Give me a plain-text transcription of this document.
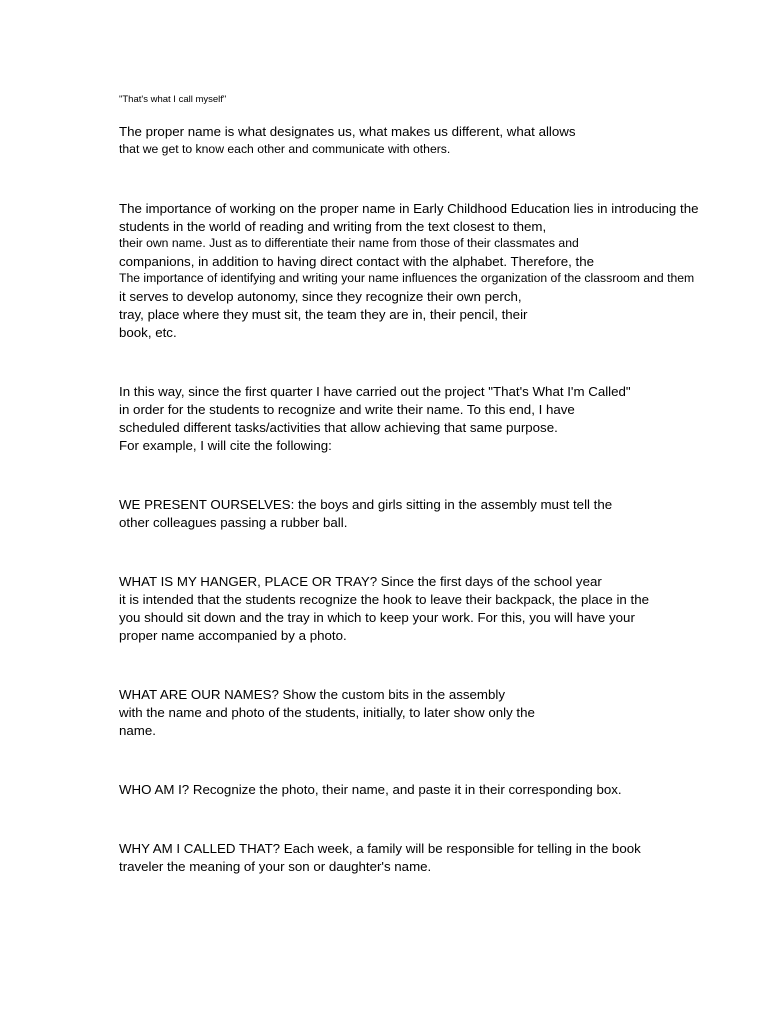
"That's what I call myself"
The proper name is what designates us, what makes us different, what allows
that we get to know each other and communicate with others.
The importance of working on the proper name in Early Childhood Education lies in introducing the
students in the world of reading and writing from the text closest to them,
their own name. Just as to differentiate their name from those of their classmates and
companions, in addition to having direct contact with the alphabet. Therefore, the
The importance of identifying and writing your name influences the organization of the classroom and them
it serves to develop autonomy, since they recognize their own perch,
tray, place where they must sit, the team they are in, their pencil, their
book, etc.
In this way, since the first quarter I have carried out the project "That's What I'm Called"
in order for the students to recognize and write their name. To this end, I have
scheduled different tasks/activities that allow achieving that same purpose.
For example, I will cite the following:
WE PRESENT OURSELVES: the boys and girls sitting in the assembly must tell the
other colleagues passing a rubber ball.
WHAT IS MY HANGER, PLACE OR TRAY? Since the first days of the school year
it is intended that the students recognize the hook to leave their backpack, the place in the
you should sit down and the tray in which to keep your work. For this, you will have your
proper name accompanied by a photo.
WHAT ARE OUR NAMES? Show the custom bits in the assembly
with the name and photo of the students, initially, to later show only the
name.
WHO AM I? Recognize the photo, their name, and paste it in their corresponding box.
WHY AM I CALLED THAT? Each week, a family will be responsible for telling in the book
traveler the meaning of your son or daughter's name.
